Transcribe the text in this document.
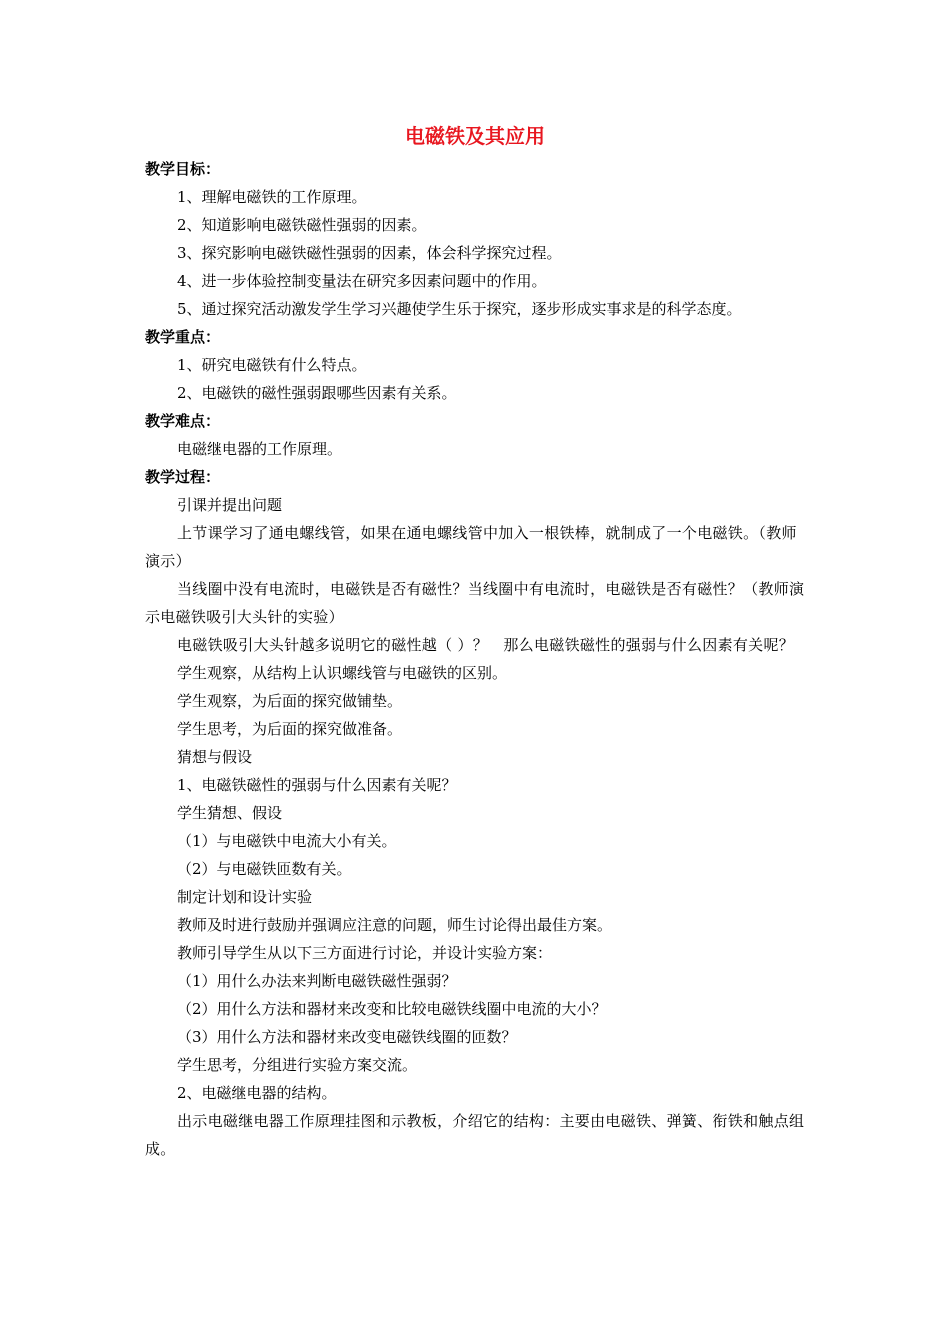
电磁铁及其应用

教学目标：

1、理解电磁铁的工作原理。

2、知道影响电磁铁磁性强弱的因素。

3、探究影响电磁铁磁性强弱的因素，体会科学探究过程。

4、进一步体验控制变量法在研究多因素问题中的作用。

5、通过探究活动激发学生学习兴趣使学生乐于探究，逐步形成实事求是的科学态度。

教学重点：

1、研究电磁铁有什么特点。

2、电磁铁的磁性强弱跟哪些因素有关系。

教学难点：

电磁继电器的工作原理。

教学过程：

引课并提出问题

上节课学习了通电螺线管，如果在通电螺线管中加入一根铁棒，就制成了一个电磁铁。（教师演示）

当线圈中没有电流时，电磁铁是否有磁性？当线圈中有电流时，电磁铁是否有磁性？（教师演示电磁铁吸引大头针的实验）

电磁铁吸引大头针越多说明它的磁性越（ ）？　那么电磁铁磁性的强弱与什么因素有关呢？

学生观察，从结构上认识螺线管与电磁铁的区别。

学生观察，为后面的探究做铺垫。

学生思考，为后面的探究做准备。

猜想与假设

1、电磁铁磁性的强弱与什么因素有关呢？

学生猜想、假设

（1）与电磁铁中电流大小有关。

（2）与电磁铁匝数有关。

制定计划和设计实验

教师及时进行鼓励并强调应注意的问题，师生讨论得出最佳方案。

教师引导学生从以下三方面进行讨论，并设计实验方案：

（1）用什么办法来判断电磁铁磁性强弱？

（2）用什么方法和器材来改变和比较电磁铁线圈中电流的大小？

（3）用什么方法和器材来改变电磁铁线圈的匝数？

学生思考，分组进行实验方案交流。

2、电磁继电器的结构。

出示电磁继电器工作原理挂图和示教板，介绍它的结构：主要由电磁铁、弹簧、衔铁和触点组成。
